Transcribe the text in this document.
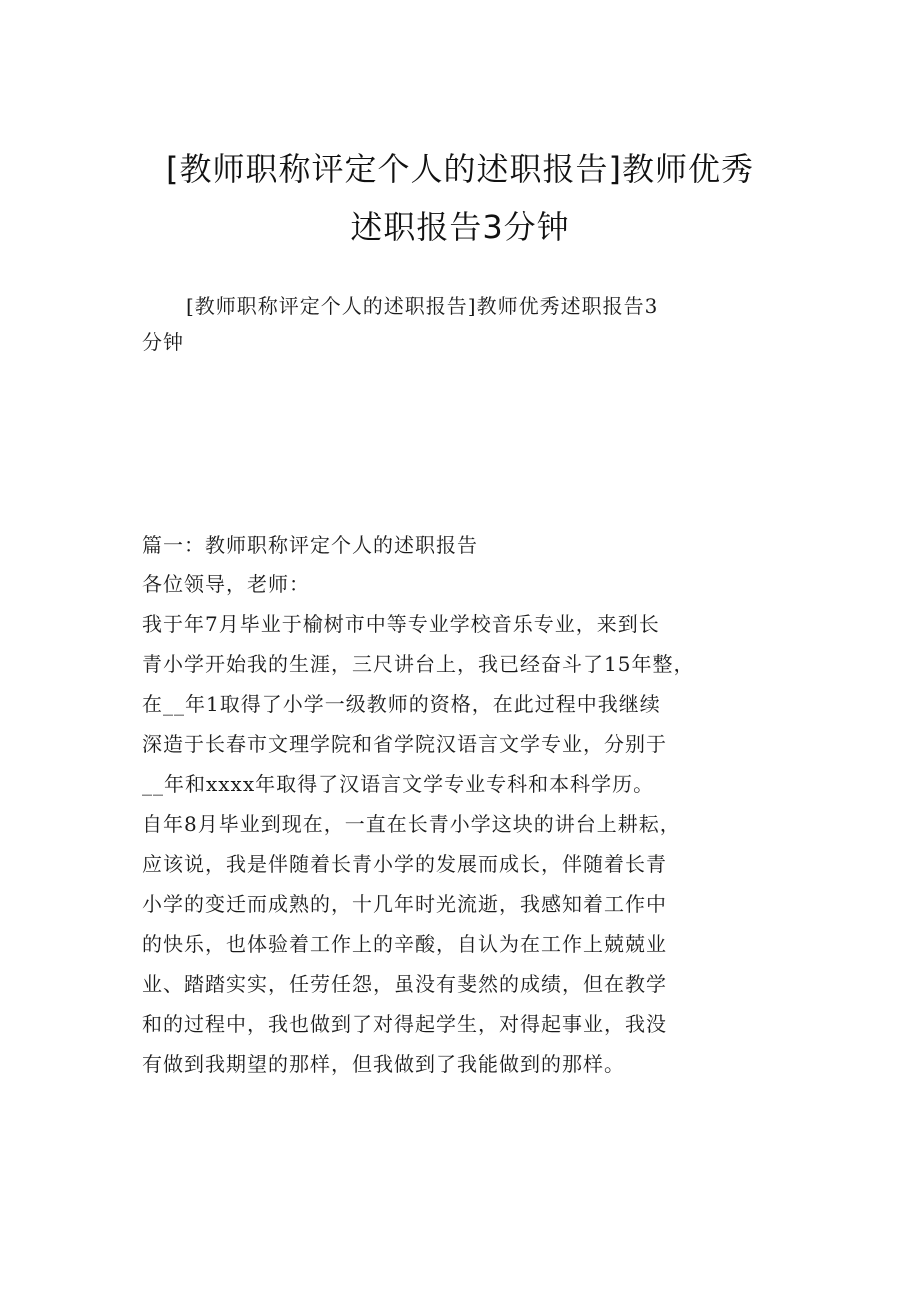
[教师职称评定个人的述职报告]教师优秀
述职报告3分钟

[教师职称评定个人的述职报告]教师优秀述职报告3
分钟

篇一：教师职称评定个人的述职报告
各位领导，老师：
我于年7月毕业于榆树市中等专业学校音乐专业，来到长
青小学开始我的生涯，三尺讲台上，我已经奋斗了15年整，
在__年1取得了小学一级教师的资格，在此过程中我继续
深造于长春市文理学院和省学院汉语言文学专业，分别于
__年和xxxx年取得了汉语言文学专业专科和本科学历。
自年8月毕业到现在，一直在长青小学这块的讲台上耕耘，
应该说，我是伴随着长青小学的发展而成长，伴随着长青
小学的变迁而成熟的，十几年时光流逝，我感知着工作中
的快乐，也体验着工作上的辛酸，自认为在工作上兢兢业
业、踏踏实实，任劳任怨，虽没有斐然的成绩，但在教学
和的过程中，我也做到了对得起学生，对得起事业，我没
有做到我期望的那样，但我做到了我能做到的那样。
